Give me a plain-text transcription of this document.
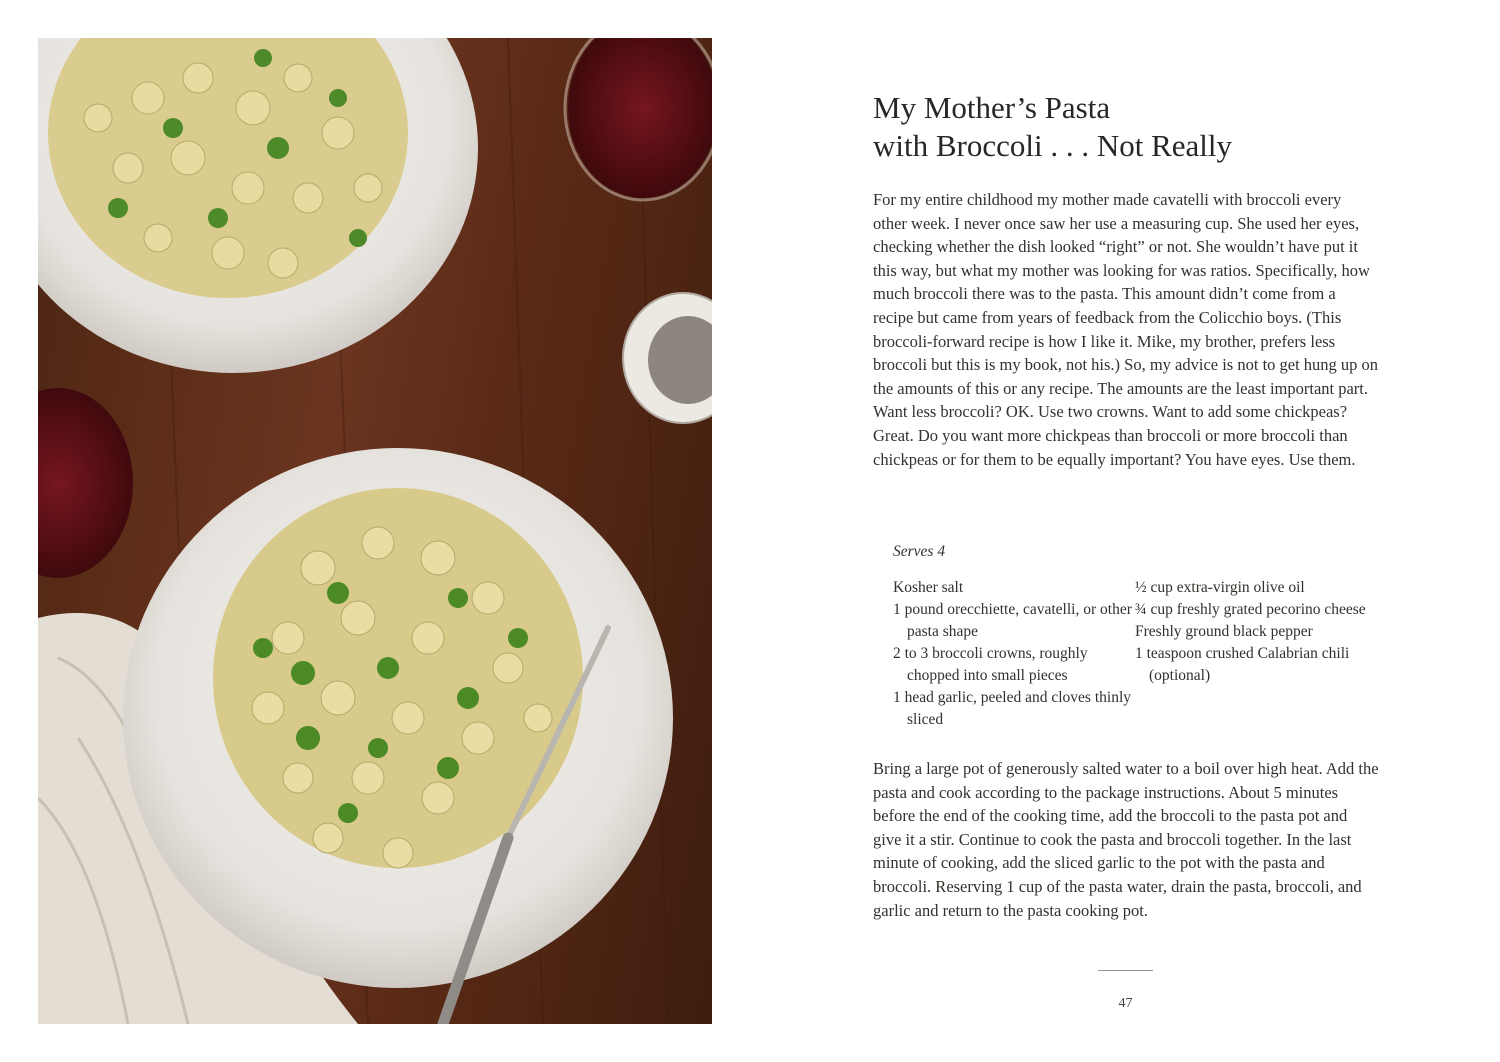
My Mother’s Pasta
with Broccoli . . . Not Really

For my entire childhood my mother made cavatelli with broccoli every other week. I never once saw her use a measuring cup. She used her eyes, checking whether the dish looked “right” or not. She wouldn’t have put it this way, but what my mother was looking for was ratios. Specifically, how much broccoli there was to the pasta. This amount didn’t come from a recipe but came from years of feedback from the Colicchio boys. (This broccoli-forward recipe is how I like it. Mike, my brother, prefers less broccoli but this is my book, not his.) So, my advice is not to get hung up on the amounts of this or any recipe. The amounts are the least important part. Want less broccoli? OK. Use two crowns. Want to add some chickpeas? Great. Do you want more chickpeas than broccoli or more broccoli than chickpeas or for them to be equally important? You have eyes. Use them.

Serves 4
Kosher salt
1 pound orecchiette, cavatelli, or other pasta shape
2 to 3 broccoli crowns, roughly chopped into small pieces
1 head garlic, peeled and cloves thinly sliced
½ cup extra-virgin olive oil
¾ cup freshly grated pecorino cheese
Freshly ground black pepper
1 teaspoon crushed Calabrian chili (optional)

Bring a large pot of generously salted water to a boil over high heat. Add the pasta and cook according to the package instructions. About 5 minutes before the end of the cooking time, add the broccoli to the pasta pot and give it a stir. Continue to cook the pasta and broccoli together. In the last minute of cooking, add the sliced garlic to the pot with the pasta and broccoli. Reserving 1 cup of the pasta water, drain the pasta, broccoli, and garlic and return to the pasta cooking pot.

47
